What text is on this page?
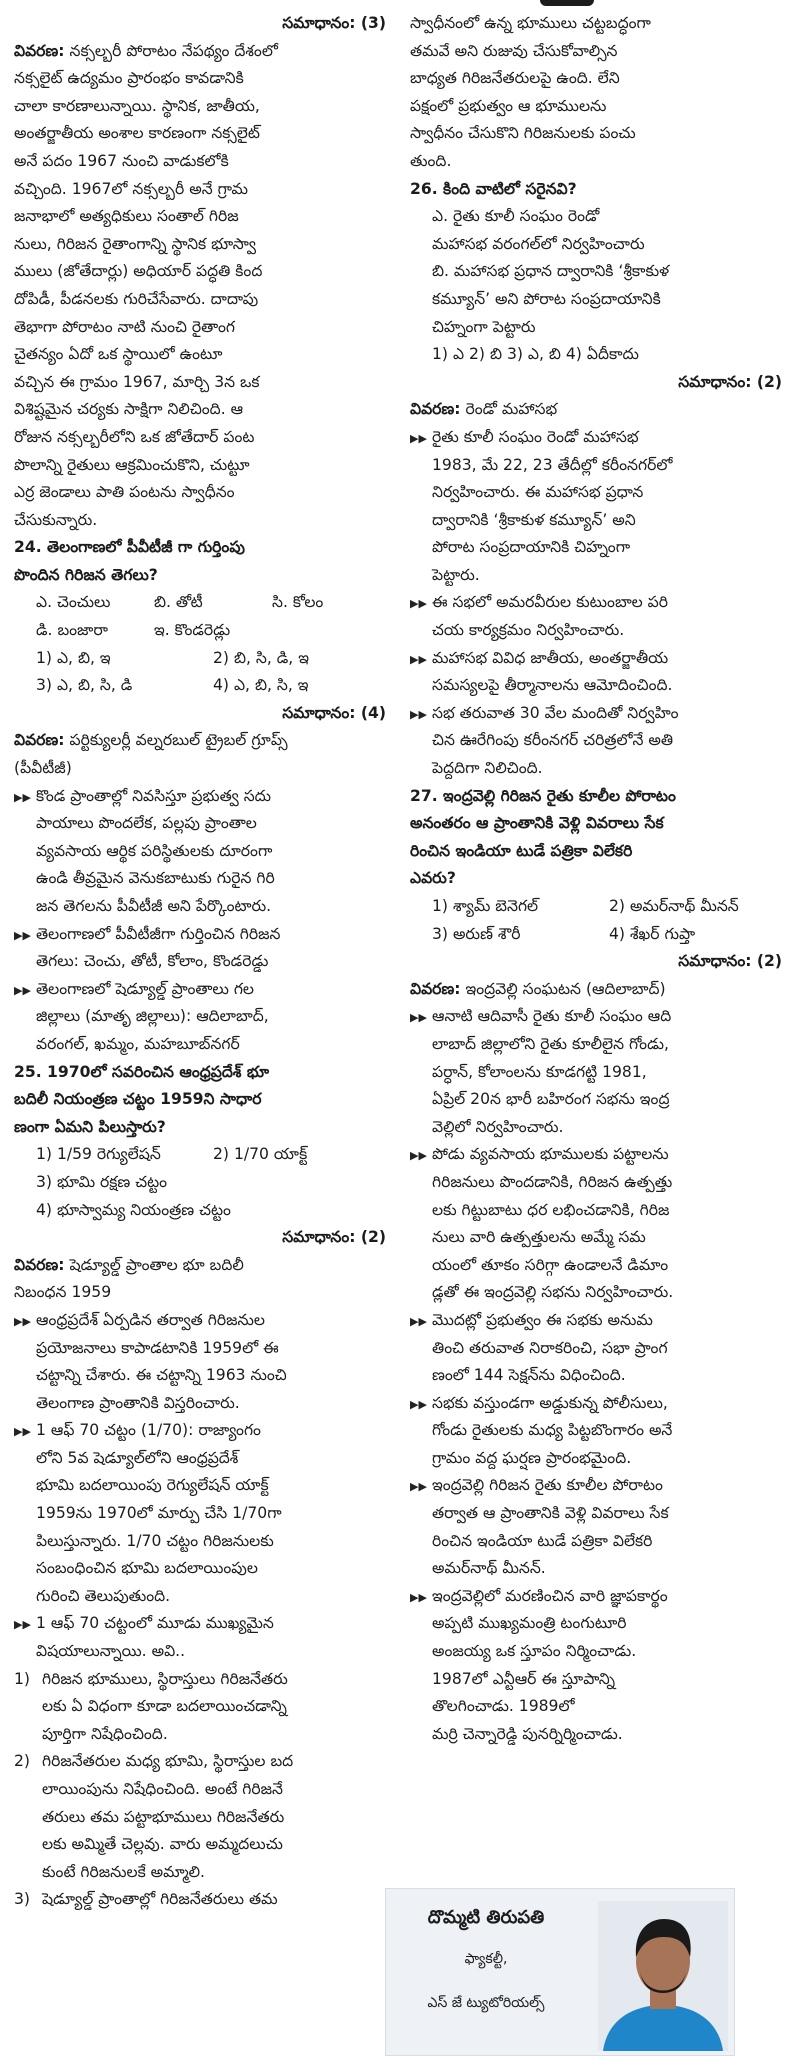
సమాధానం: (3)

వివరణ: నక్సల్బరీ పోరాటం నేపథ్యం దేశంలో
నక్సలైట్ ఉద్యమం ప్రారంభం కావడానికి
చాలా కారణాలున్నాయి. స్థానిక, జాతీయ,
అంతర్జాతీయ అంశాల కారణంగా నక్సలైట్
అనే పదం 1967 నుంచి వాడుకలోకి
వచ్చింది. 1967లో నక్సల్బరీ అనే గ్రామ
జనాభాలో అత్యధికులు సంతాల్ గిరిజ
నులు, గిరిజన రైతాంగాన్ని స్థానిక భూస్వా
ములు (జోతేదార్లు) అధియార్ పద్ధతి కింద
దోపిడీ, పీడనలకు గురిచేసేవారు. దాదాపు
తెభాగా పోరాటం నాటి నుంచి రైతాంగ
చైతన్యం ఏదో ఒక స్థాయిలో ఉంటూ
వచ్చిన ఈ గ్రామం 1967, మార్చి 3న ఒక
విశిష్టమైన చర్యకు సాక్షిగా నిలిచింది. ఆ
రోజున నక్సల్బరీలోని ఒక జోతేదార్ పంట
పొలాన్ని రైతులు ఆక్రమించుకొని, చుట్టూ
ఎర్ర జెండాలు పాతి పంటను స్వాధీనం
చేసుకున్నారు.

24. తెలంగాణలో పీవీటీజీ గా గుర్తింపు
పొందిన గిరిజన తెగలు?

ఎ. చెంచులు	బి. తోటీ	సి. కోలం
డి. బంజారా	ఇ. కొండరెడ్లు
1) ఎ, బి, ఇ	2) బి, సి, డి, ఇ
3) ఎ, బి, సి, డి	4) ఎ, బి, సి, ఇ

సమాధానం: (4)

వివరణ: పర్టిక్యులర్లీ వల్నరబుల్ ట్రైబల్ గ్రూప్స్
(పీవీటీజీ)

▶▶ కొండ ప్రాంతాల్లో నివసిస్తూ ప్రభుత్వ సదు
పాయాలు పొందలేక, పల్లపు ప్రాంతాల
వ్యవసాయ ఆర్థిక పరిస్థితులకు దూరంగా
ఉండి తీవ్రమైన వెనుకబాటుకు గురైన గిరి
జన తెగలను పీవీటీజీ అని పేర్కొంటారు.
▶▶ తెలంగాణలో పీవీటీజీగా గుర్తించిన గిరిజన
తెగలు: చెంచు, తోటీ, కోలాం, కొండరెడ్డు
▶▶ తెలంగాణలో షెడ్యూల్డ్ ప్రాంతాలు గల
జిల్లాలు (మాతృ జిల్లాలు): ఆదిలాబాద్,
వరంగల్, ఖమ్మం, మహబూబ్‌నగర్

25. 1970లో సవరించిన ఆంధ్రప్రదేశ్ భూ
బదిలీ నియంత్రణ చట్టం 1959ని సాధార
ణంగా ఏమని పిలుస్తారు?

1) 1/59 రెగ్యులేషన్	2) 1/70 యాక్ట్

3) భూమి రక్షణ చట్టం

4) భూస్వామ్య నియంత్రణ చట్టం

సమాధానం: (2)

వివరణ: షెడ్యూల్డ్ ప్రాంతాల భూ బదిలీ
నిబంధన 1959

▶▶ ఆంధ్రప్రదేశ్ ఏర్పడిన తర్వాత గిరిజనుల
ప్రయోజనాలు కాపాడటానికి 1959లో ఈ
చట్టాన్ని చేశారు. ఈ చట్టాన్ని 1963 నుంచి
తెలంగాణ ప్రాంతానికి విస్తరించారు.
▶▶ 1 ఆఫ్ 70 చట్టం (1/70): రాజ్యాంగం
లోని 5వ షెడ్యూల్‌లోని ఆంధ్రప్రదేశ్
భూమి బదలాయింపు రెగ్యులేషన్ యాక్ట్
1959ను 1970లో మార్పు చేసి 1/70గా
పిలుస్తున్నారు. 1/70 చట్టం గిరిజనులకు
సంబంధించిన భూమి బదలాయింపుల
గురించి తెలుపుతుంది.
▶▶ 1 ఆఫ్ 70 చట్టంలో మూడు ముఖ్యమైన
విషయాలున్నాయి. అవి..
1) గిరిజన భూములు, స్థిరాస్తులు గిరిజనేతరు
లకు ఏ విధంగా కూడా బదలాయించడాన్ని
పూర్తిగా నిషేధించింది.
2) గిరిజనేతరుల మధ్య భూమి, స్థిరాస్తుల బద
లాయింపును నిషేధించింది. అంటే గిరిజనే
తరులు తమ పట్టాభూములు గిరిజనేతరు
లకు అమ్మితే చెల్లవు. వారు అమ్మదలుచు
కుంటే గిరిజనులకే అమ్మాలి.
3) షెడ్యూల్డ్ ప్రాంతాల్లో గిరిజనేతరులు తమ

స్వాధీనంలో ఉన్న భూములు చట్టబద్ధంగా
తమవే అని రుజువు చేసుకోవాల్సిన
బాధ్యత గిరిజనేతరులపై ఉంది. లేని
పక్షంలో ప్రభుత్వం ఆ భూములను
స్వాధీనం చేసుకొని గిరిజనులకు పంచు
తుంది.

26. కింది వాటిలో సరైనవి?

ఎ. రైతు కూలీ సంఘం రెండో
మహాసభ వరంగల్‌లో నిర్వహించారు
బి. మహాసభ ప్రధాన ద్వారానికి ‘శ్రీకాకుళ
కమ్యూన్’ అని పోరాట సంప్రదాయానికి
చిహ్నంగా పెట్టారు

1) ఎ 2) బి 3) ఎ, బి 4) ఏదీకాదు

సమాధానం: (2)

వివరణ: రెండో మహాసభ

▶▶ రైతు కూలీ సంఘం రెండో మహాసభ
1983, మే 22, 23 తేదీల్లో కరీంనగర్‌లో
నిర్వహించారు. ఈ మహాసభ ప్రధాన
ద్వారానికి ‘శ్రీకాకుళ కమ్యూన్’ అని
పోరాట సంప్రదాయానికి చిహ్నంగా
పెట్టారు.
▶▶ ఈ సభలో అమరవీరుల కుటుంబాల పరి
చయ కార్యక్రమం నిర్వహించారు.
▶▶ మహాసభ వివిధ జాతీయ, అంతర్జాతీయ
సమస్యలపై తీర్మానాలను ఆమోదించింది.
▶▶ సభ తరువాత 30 వేల మందితో నిర్వహిం
చిన ఊరేగింపు కరీంనగర్ చరిత్రలోనే అతి
పెద్దదిగా నిలిచింది.

27. ఇంద్రవెల్లి గిరిజన రైతు కూలీల పోరాటం
అనంతరం ఆ ప్రాంతానికి వెళ్లి వివరాలు సేక
రించిన ఇండియా టుడే పత్రికా విలేకరి
ఎవరు?

1) శ్యామ్ బెనెగల్	2) అమర్‌నాథ్ మీనన్
3) అరుణ్ శౌరీ	4) శేఖర్ గుప్తా

సమాధానం: (2)

వివరణ: ఇంద్రవెల్లి సంఘటన (ఆదిలాబాద్)

▶▶ ఆనాటి ఆదివాసీ రైతు కూలీ సంఘం ఆది
లాబాద్ జిల్లాలోని రైతు కూలీలైన గోండు,
పర్ధాన్, కోలాంలను కూడగట్టి 1981,
ఏప్రిల్ 20న భారీ బహిరంగ సభను ఇంద్ర
వెల్లిలో నిర్వహించారు.
▶▶ పోడు వ్యవసాయ భూములకు పట్టాలను
గిరిజనులు పొందడానికి, గిరిజన ఉత్పత్తు
లకు గిట్టుబాటు ధర లభించడానికి, గిరిజ
నులు వారి ఉత్పత్తులను అమ్మే సమ
యంలో తూకం సరిగ్గా ఉండాలనే డిమాం
డ్లతో ఈ ఇంద్రవెల్లి సభను నిర్వహించారు.
▶▶ మొదట్లో ప్రభుత్వం ఈ సభకు అనుమ
తించి తరువాత నిరాకరించి, సభా ప్రాంగ
ణంలో 144 సెక్షన్‌ను విధించింది.
▶▶ సభకు వస్తుండగా అడ్డుకున్న పోలీసులు,
గోండు రైతులకు మధ్య పిట్టబొంగారం అనే
గ్రామం వద్ద ఘర్షణ ప్రారంభమైంది.
▶▶ ఇంద్రవెల్లి గిరిజన రైతు కూలీల పోరాటం
తర్వాత ఆ ప్రాంతానికి వెళ్లి వివరాలు సేక
రించిన ఇండియా టుడే పత్రికా విలేకరి
అమర్‌నాథ్ మీనన్.
▶▶ ఇంద్రవెల్లిలో మరణించిన వారి జ్ఞాపకార్థం
అప్పటి ముఖ్యమంత్రి టంగుటూరి
అంజయ్య ఒక స్తూపం నిర్మించాడు.
1987లో ఎన్టీఆర్ ఈ స్తూపాన్ని
తొలగించాడు. 1989లో
మర్రి చెన్నారెడ్డి పునర్నిర్మించాడు.
దొమ్మటి తిరుపతి
ఫ్యాకల్టీ,
ఎస్ జే ట్యుటోరియల్స్
